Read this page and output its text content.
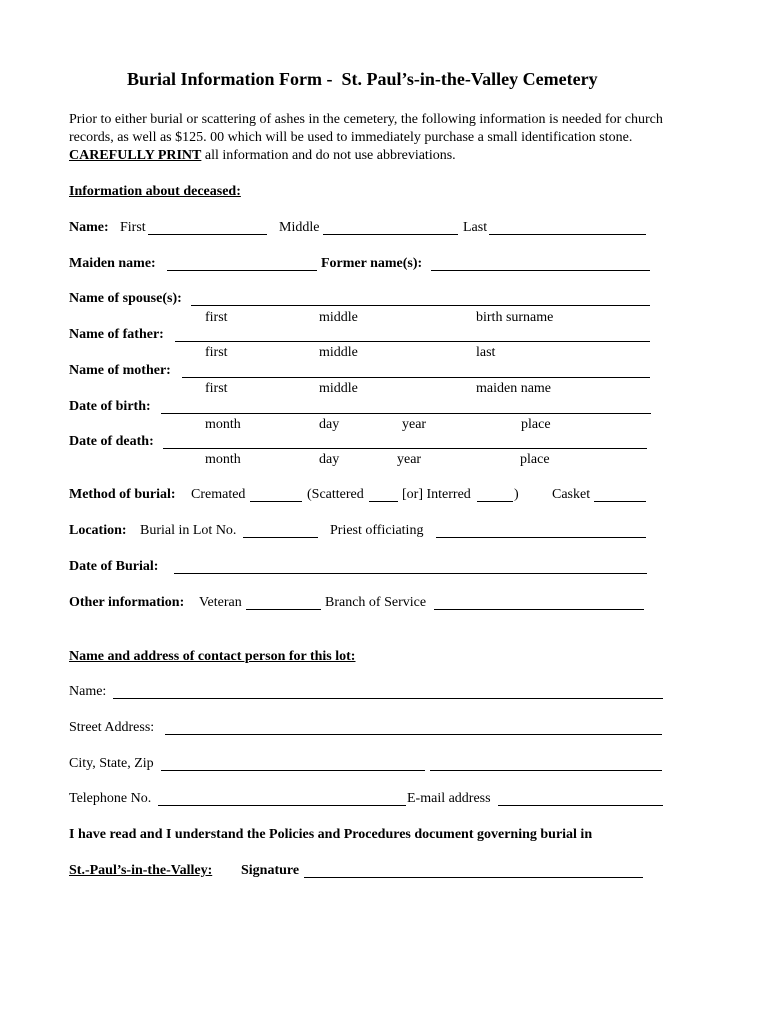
Burial Information Form -  St. Paul’s-in-the-Valley Cemetery
Prior to either burial or scattering of ashes in the cemetery, the following information is needed for church
records, as well as $125. 00 which will be used to immediately purchase a small identification stone.
CAREFULLY PRINT all information and do not use abbreviations.
Information about deceased:
Name: First	Middle	Last
Maiden name:	Former name(s):
Name of spouse(s):
first	middle	birth surname
Name of father:
first	middle	last
Name of mother:
first	middle	maiden name
Date of birth:
month	day	year	place
Date of death:
month	day	year	place
Method of burial: Cremated	(Scattered	[or] Interred	) Casket
Location: Burial in Lot No.	Priest officiating
Date of Burial:
Other information: Veteran	Branch of Service
Name and address of contact person for this lot:
Name:
Street Address:
City, State, Zip
Telephone No.	E-mail address
I have read and I understand the Policies and Procedures document governing burial in
St.-Paul’s-in-the-Valley: Signature
